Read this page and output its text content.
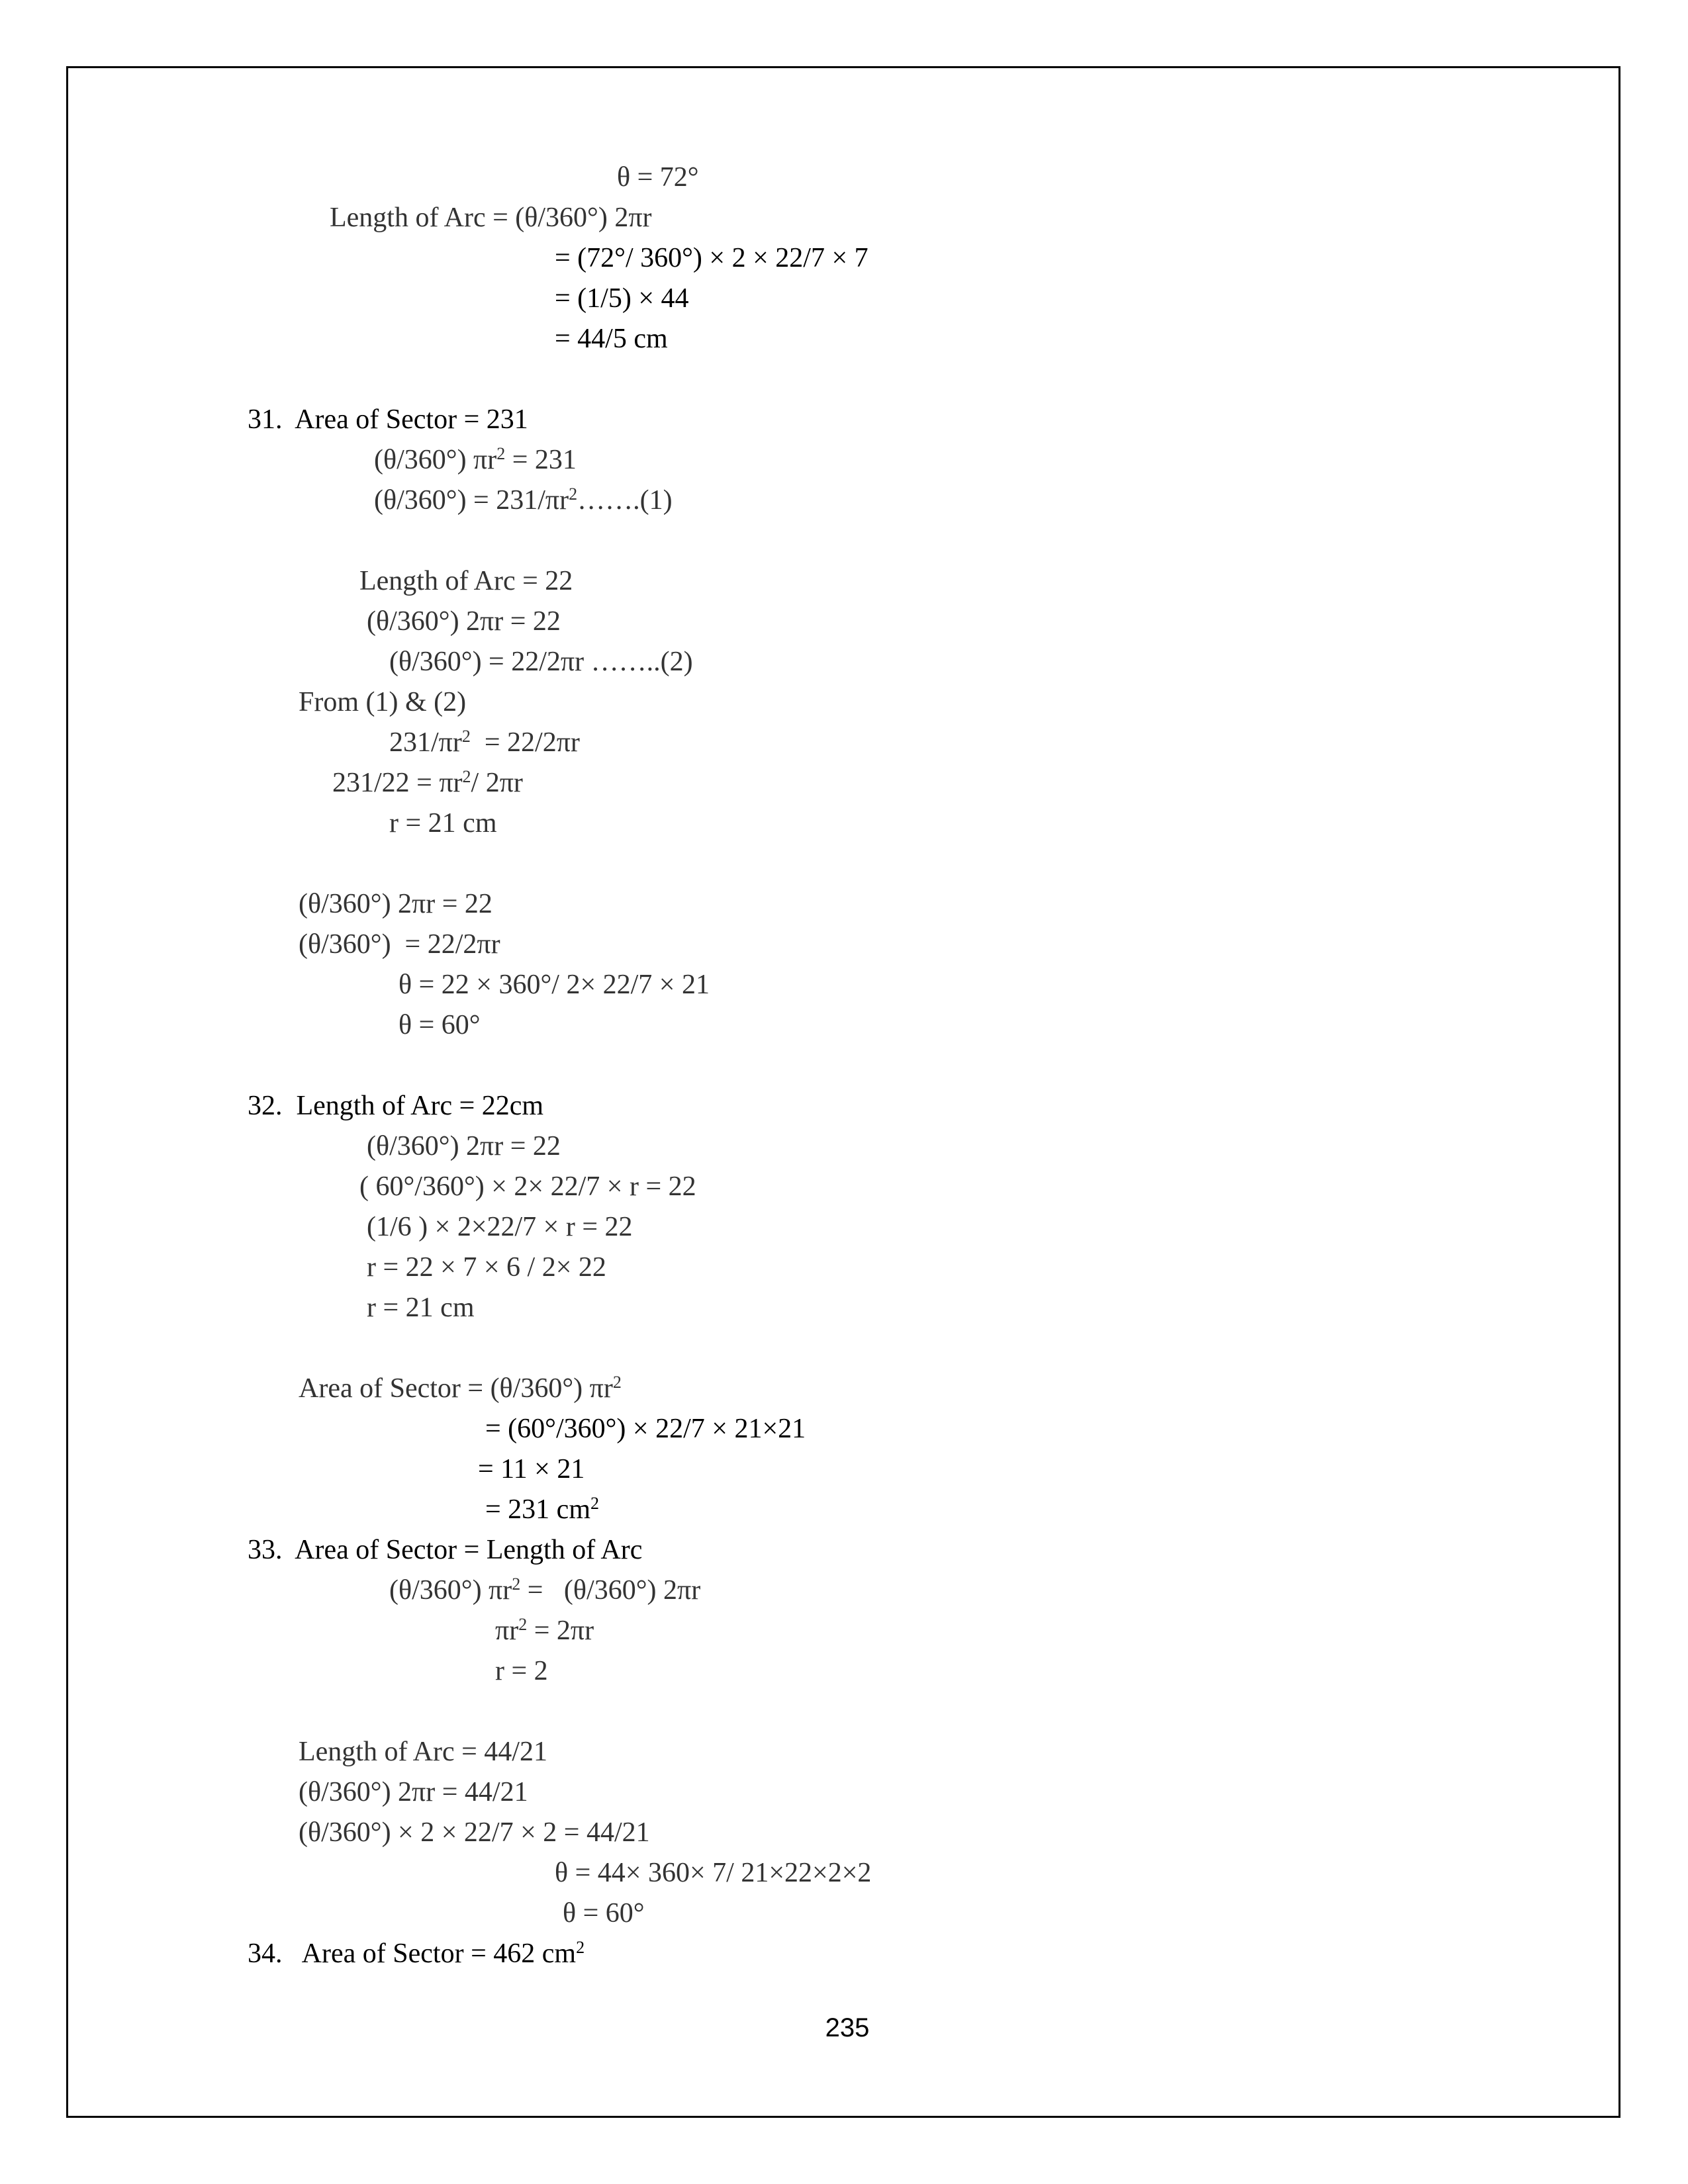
θ = 72°
Length of Arc = (θ/360°) 2πr
= (72°/ 360°) × 2 × 22/7 × 7
= (1/5) × 44
= 44/5 cm
31.  Area of Sector = 231
(θ/360°) $\pi r^2 = 231$
$(\theta/360^\circ) = 231/\pi r^2\dots\dots.(1)$
Length of Arc = 22
(θ/360°) 2πr = 22
(θ/360°) = 22/2πr ……..(2)
From (1) & (2)
$231/\pi r^2 = 22/2\pi r$
$231/22 = \pi r^2/$ 2πr
r = 21 cm
(θ/360°) 2πr = 22
(θ/360°)  = 22/2πr
θ = 22 × 360°/ 2× 22/7 × 21
θ = 60°
32.  Length of Arc = 22cm
(θ/360°) 2πr = 22
( 60°/360°) × 2× 22/7 × r = 22
(1/6 ) × 2×22/7 × r = 22
r = 22 × 7 × 6 / 2× 22
r = 21 cm
Area of Sector = (θ/360°) $\pi r^2$
= (60°/360°) × 22/7 × 21×21
= 11 × 21
= 231 $cm^2$
33.  Area of Sector = Length of Arc
(θ/360°) $\pi r^2 = (\theta/360^\circ)$ 2πr
$\pi r^2 = 2\pi r$
r = 2
Length of Arc = 44/21
(θ/360°) 2πr = 44/21
(θ/360°) × 2 × 22/7 × 2 = 44/21
θ = 44× 360× 7/ 21×22×2×2
θ = 60°
34.   Area of Sector = 462 $cm^2$
235
